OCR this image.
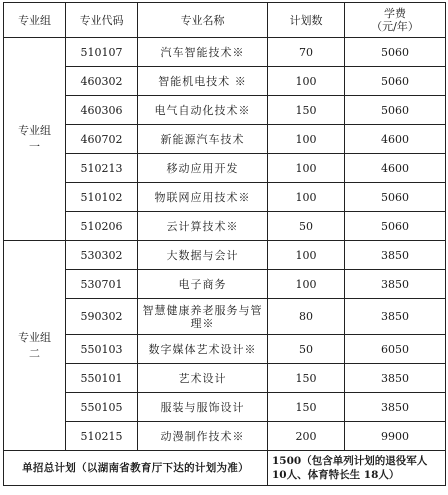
专业组	专业代码	专业名称	计划数	学费
（元/年）

专业组
一	510107	汽车智能技术※	70	5060
	460302	智能机电技术 ※	100	5060
	460306	电气自动化技术※	150	5060
	460702	新能源汽车技术	100	4600
	510213	移动应用开发	100	4600
	510102	物联网应用技术※	100	5060
	510206	云计算技术※	50	5060
专业组
二	530302	大数据与会计	100	3850
	530701	电子商务	100	3850
	590302	智慧健康养老服务与管理※	80	3850
	550103	数字媒体艺术设计※	50	6050
	550101	艺术设计	150	3850
	550105	服装与服饰设计	150	3850
	510215	动漫制作技术※	200	9900
单招总计划（以湖南省教育厅下达的计划为准）			1500（包含单列计划的退役军人 10人、体育特长生 18人）	
